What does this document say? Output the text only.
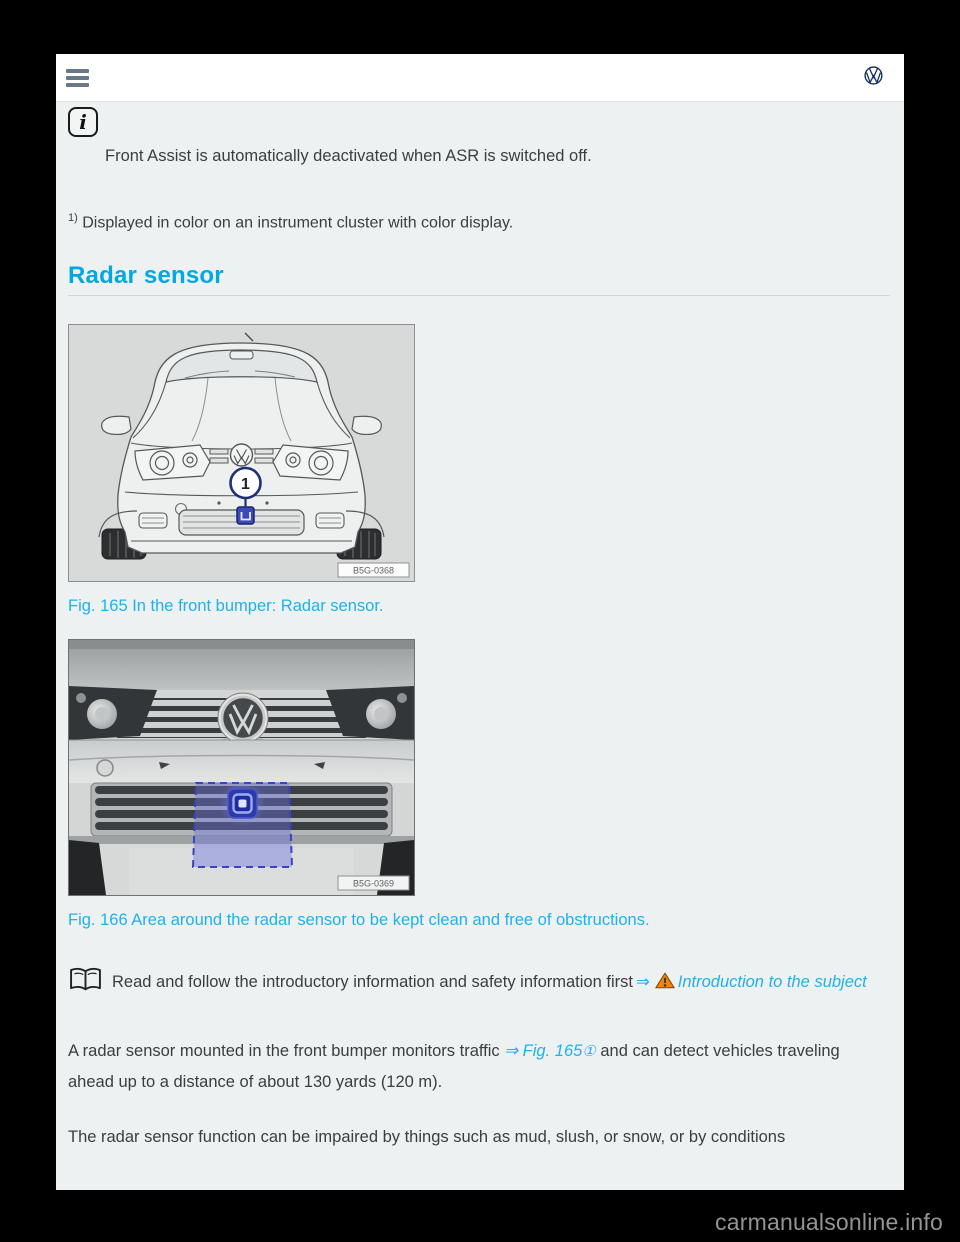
i

Front Assist is automatically deactivated when ASR is switched off.

$^{1)}$ Displayed in color on an instrument cluster with color display.

Radar sensor
1
B5G-0368

Fig. 165 In the front bumper: Radar sensor.

B5G-0369

Fig. 166 Area around the radar sensor to be kept clean and free of obstructions.

Read and follow the introductory information and safety information first ⇒ Introduction to the subject

A radar sensor mounted in the front bumper monitors traffic ⇒ Fig. 165① and can detect vehicles traveling ahead up to a distance of about 130 yards (120 m).

The radar sensor function can be impaired by things such as mud, slush, or snow, or by conditions

carmanualsonline.info
